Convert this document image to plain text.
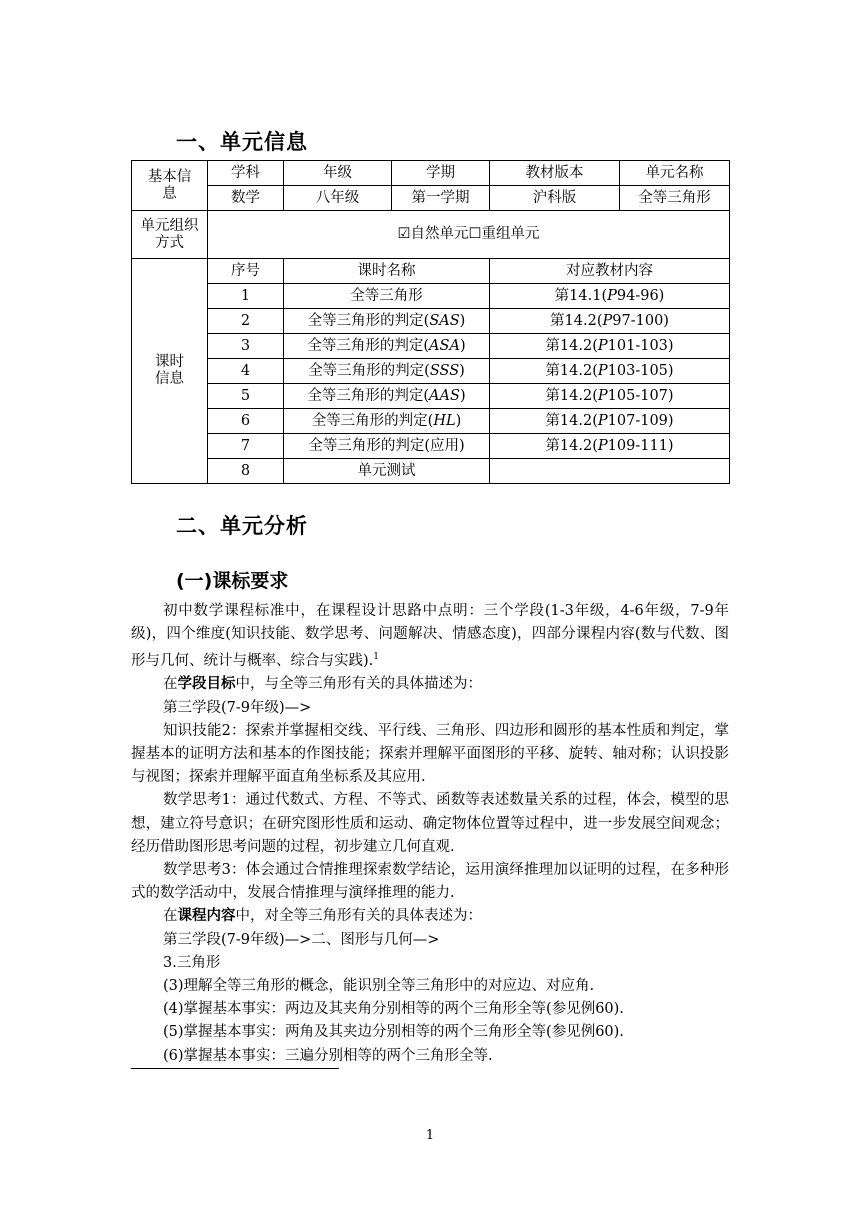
一、单元信息
基本信息	学科	年级	学期	教材版本	单元名称
	数学	八年级	第一学期	沪科版	全等三角形
单元组织方式	☑自然单元☐重组单元				
课时信息	序号	课时名称		对应教材内容	
	1	全等三角形		第14.1(P94-96)	
	2	全等三角形的判定(SAS)		第14.2(P97-100)	
	3	全等三角形的判定(ASA)		第14.2(P101-103)	
	4	全等三角形的判定(SSS)		第14.2(P103-105)	
	5	全等三角形的判定(AAS)		第14.2(P105-107)	
	6	全等三角形的判定(HL)		第14.2(P107-109)	
	7	全等三角形的判定(应用)		第14.2(P109-111)	
	8	单元测试			
二、单元分析
(一)课标要求

初中数学课程标准中，在课程设计思路中点明：三个学段(1-3年级，4-6年级，7-9年级)，四个维度(知识技能、数学思考、问题解决、情感态度)，四部分课程内容(数与代数、图形与几何、统计与概率、综合与实践).$^1$

在学段目标中，与全等三角形有关的具体描述为：

第三学段(7-9年级)—>

知识技能2：探索并掌握相交线、平行线、三角形、四边形和圆形的基本性质和判定，掌握基本的证明方法和基本的作图技能；探索并理解平面图形的平移、旋转、轴对称；认识投影与视图；探索并理解平面直角坐标系及其应用.

数学思考1：通过代数式、方程、不等式、函数等表述数量关系的过程，体会，模型的思想，建立符号意识；在研究图形性质和运动、确定物体位置等过程中，进一步发展空间观念；经历借助图形思考问题的过程，初步建立几何直观.

数学思考3：体会通过合情推理探索数学结论，运用演绎推理加以证明的过程，在多种形式的数学活动中，发展合情推理与演绎推理的能力.

在课程内容中，对全等三角形有关的具体表述为：

第三学段(7-9年级)—>二、图形与几何—>

3.三角形

(3)理解全等三角形的概念，能识别全等三角形中的对应边、对应角.

(4)掌握基本事实：两边及其夹角分别相等的两个三角形全等(参见例60).

(5)掌握基本事实：两角及其夹边分别相等的两个三角形全等(参见例60).

(6)掌握基本事实：三遍分别相等的两个三角形全等.

1
